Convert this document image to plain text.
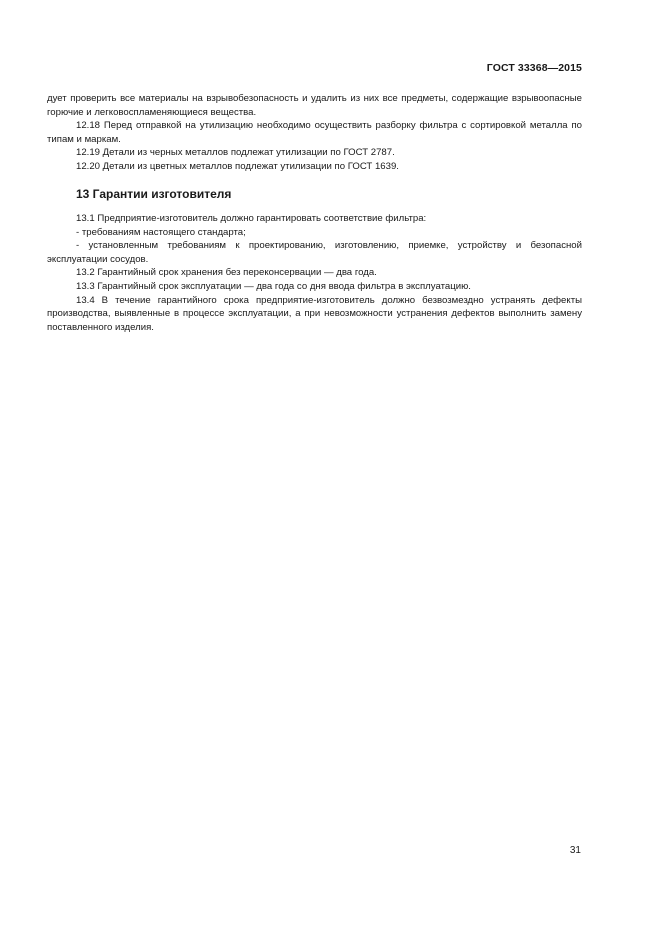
ГОСТ 33368—2015

дует проверить все материалы на взрывобезопасность и удалить из них все предметы, содержащие взрывоопасные горючие и легковоспламеняющиеся вещества.

12.18 Перед отправкой на утилизацию необходимо осуществить разборку фильтра с сортировкой металла по типам и маркам.

12.19 Детали из черных металлов подлежат утилизации по ГОСТ 2787.

12.20 Детали из цветных металлов подлежат утилизации по ГОСТ 1639.

13 Гарантии изготовителя

13.1 Предприятие-изготовитель должно гарантировать соответствие фильтра:

- требованиям настоящего стандарта;

- установленным требованиям к проектированию, изготовлению, приемке, устройству и безопасной эксплуатации сосудов.

13.2 Гарантийный срок хранения без переконсервации — два года.

13.3 Гарантийный срок эксплуатации — два года со дня ввода фильтра в эксплуатацию.

13.4 В течение гарантийного срока предприятие-изготовитель должно безвозмездно устранять дефекты производства, выявленные в процессе эксплуатации, а при невозможности устранения дефектов выполнить замену поставленного изделия.

31
